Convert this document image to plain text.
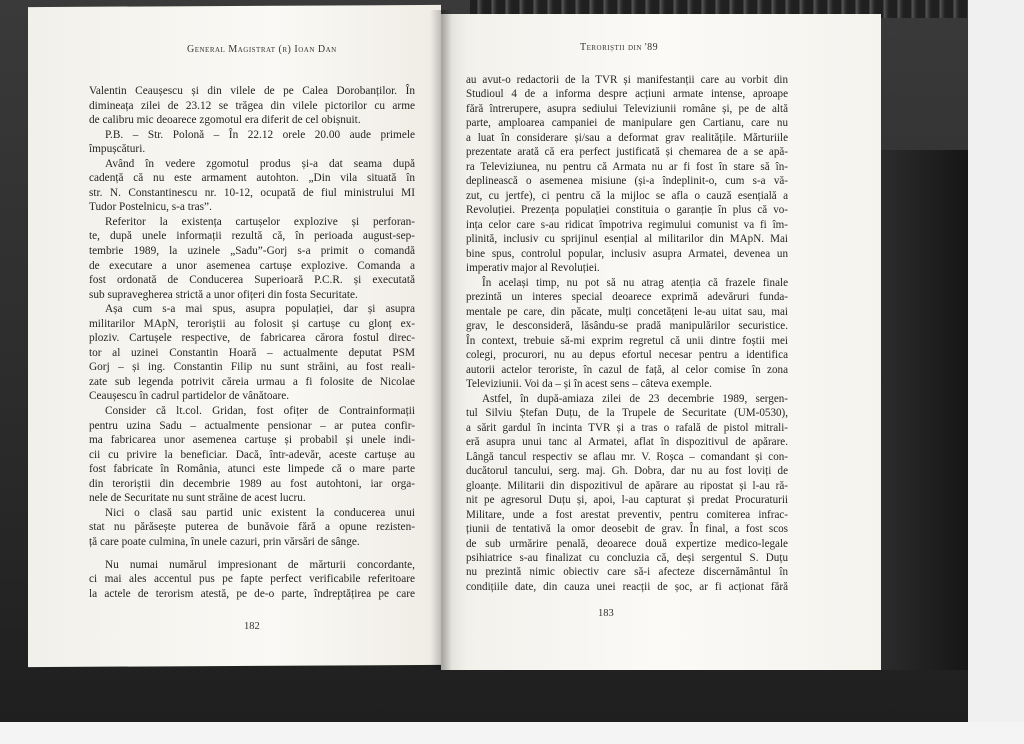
General Magistrat (r) Ioan Dan	Teroriștii din '89
Valentin Ceaușescu și din vilele de pe Calea Dorobanților. În
dimineața zilei de 23.12 se trăgea din vilele pictorilor cu arme
de calibru mic deoarece zgomotul era diferit de cel obișnuit.
P.B. – Str. Polonă – În 22.12 orele 20.00 aude primele
împușcături.
Având în vedere zgomotul produs și-a dat seama după
cadență că nu este armament autohton. „Din vila situată în
str. N. Constantinescu nr. 10-12, ocupată de fiul ministrului MI
Tudor Postelnicu, s-a tras”.
Referitor la existența cartușelor explozive și perforan-
te, după unele informații rezultă că, în perioada august-sep-
tembrie 1989, la uzinele „Sadu”-Gorj s-a primit o comandă
de executare a unor asemenea cartușe explozive. Comanda a
fost ordonată de Conducerea Superioară P.C.R. și executată
sub supravegherea strictă a unor ofițeri din fosta Securitate.
Așa cum s-a mai spus, asupra populației, dar și asupra
militarilor MApN, teroriștii au folosit și cartușe cu glonț ex-
ploziv. Cartușele respective, de fabricarea cărora fostul direc-
tor al uzinei Constantin Hoară – actualmente deputat PSM
Gorj – și ing. Constantin Filip nu sunt străini, au fost reali-
zate sub legenda potrivit căreia urmau a fi folosite de Nicolae
Ceaușescu în cadrul partidelor de vânătoare.
Consider că lt.col. Gridan, fost ofițer de Contrainformații
pentru uzina Sadu – actualmente pensionar – ar putea confir-
ma fabricarea unor asemenea cartușe și probabil și unele indi-
cii cu privire la beneficiar. Dacă, într-adevăr, aceste cartușe au
fost fabricate în România, atunci este limpede că o mare parte
din teroriștii din decembrie 1989 au fost autohtoni, iar orga-
nele de Securitate nu sunt străine de acest lucru.
Nici o clasă sau partid unic existent la conducerea unui
stat nu părăsește puterea de bunăvoie fără a opune rezisten-
ță care poate culmina, în unele cazuri, prin vărsări de sânge.
Nu numai numărul impresionant de mărturii concordante,
ci mai ales accentul pus pe fapte perfect verificabile referitoare
la actele de terorism atestă, pe de-o parte, îndreptățirea pe care
au avut-o redactorii de la TVR și manifestanții care au vorbit din
Studioul 4 de a informa despre acțiuni armate intense, aproape
fără întrerupere, asupra sediului Televiziunii române și, pe de altă
parte, amploarea campaniei de manipulare gen Cartianu, care nu
a luat în considerare și/sau a deformat grav realitățile. Mărturiile
prezentate arată că era perfect justificată și chemarea de a se apă-
ra Televiziunea, nu pentru că Armata nu ar fi fost în stare să în-
deplinească o asemenea misiune (și-a îndeplinit-o, cum s-a vă-
zut, cu jertfe), ci pentru că la mijloc se afla o cauză esențială a
Revoluției. Prezența populației constituia o garanție în plus că vo-
ința celor care s-au ridicat împotriva regimului comunist va fi îm-
plinită, inclusiv cu sprijinul esențial al militarilor din MApN. Mai
bine spus, controlul popular, inclusiv asupra Armatei, devenea un
imperativ major al Revoluției.
În același timp, nu pot să nu atrag atenția că frazele finale
prezintă un interes special deoarece exprimă adevăruri funda-
mentale pe care, din păcate, mulți concetățeni le-au uitat sau, mai
grav, le desconsideră, lăsându-se pradă manipulărilor securistice.
În context, trebuie să-mi exprim regretul că unii dintre foștii mei
colegi, procurori, nu au depus efortul necesar pentru a identifica
autorii actelor teroriste, în cazul de față, al celor comise în zona
Televiziunii. Voi da – și în acest sens – câteva exemple.
Astfel, în după-amiaza zilei de 23 decembrie 1989, sergen-
tul Silviu Ștefan Duțu, de la Trupele de Securitate (UM-0530),
a sărit gardul în incinta TVR și a tras o rafală de pistol mitrali-
eră asupra unui tanc al Armatei, aflat în dispozitivul de apărare.
Lângă tancul respectiv se aflau mr. V. Roșca – comandant și con-
ducătorul tancului, serg. maj. Gh. Dobra, dar nu au fost loviți de
gloanțe. Militarii din dispozitivul de apărare au ripostat și l-au ră-
nit pe agresorul Duțu și, apoi, l-au capturat și predat Procuraturii
Militare, unde a fost arestat preventiv, pentru comiterea infrac-
țiunii de tentativă la omor deosebit de grav. În final, a fost scos
de sub urmărire penală, deoarece două expertize medico-legale
psihiatrice s-au finalizat cu concluzia că, deși sergentul S. Duțu
nu prezintă nimic obiectiv care să-i afecteze discernământul în
condițiile date, din cauza unei reacții de șoc, ar fi acționat fără
182
183
